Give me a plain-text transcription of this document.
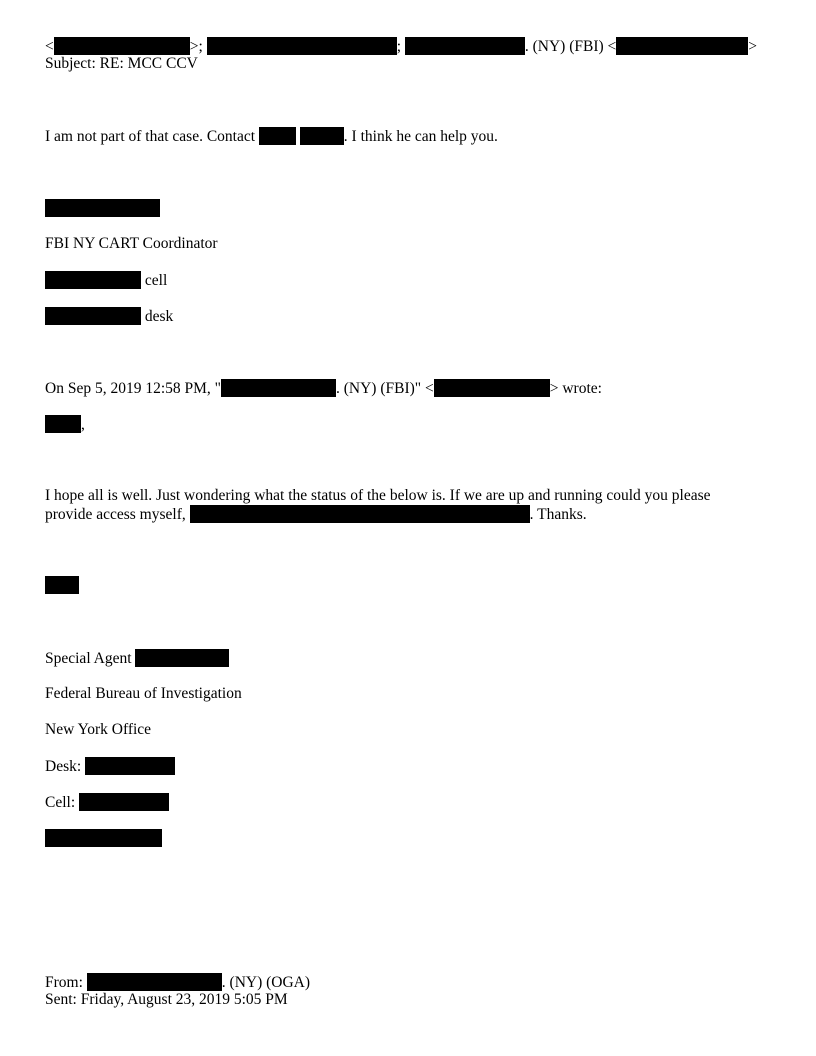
<	>;	;	. (NY) (FBI) <	>
Subject: RE: MCC CCV
I am not part of that case. Contact	. I think he can help you.
FBI NY CART Coordinator
cell
desk
On Sep 5, 2019 12:58 PM, "	. (NY) (FBI)" <	> wrote:
,
I hope all is well. Just wondering what the status of the below is. If we are up and running could you please
provide access myself,	. Thanks.
Special Agent
Federal Bureau of Investigation
New York Office
Desk:
Cell:
From:	. (NY) (OGA)
Sent: Friday, August 23, 2019 5:05 PM
